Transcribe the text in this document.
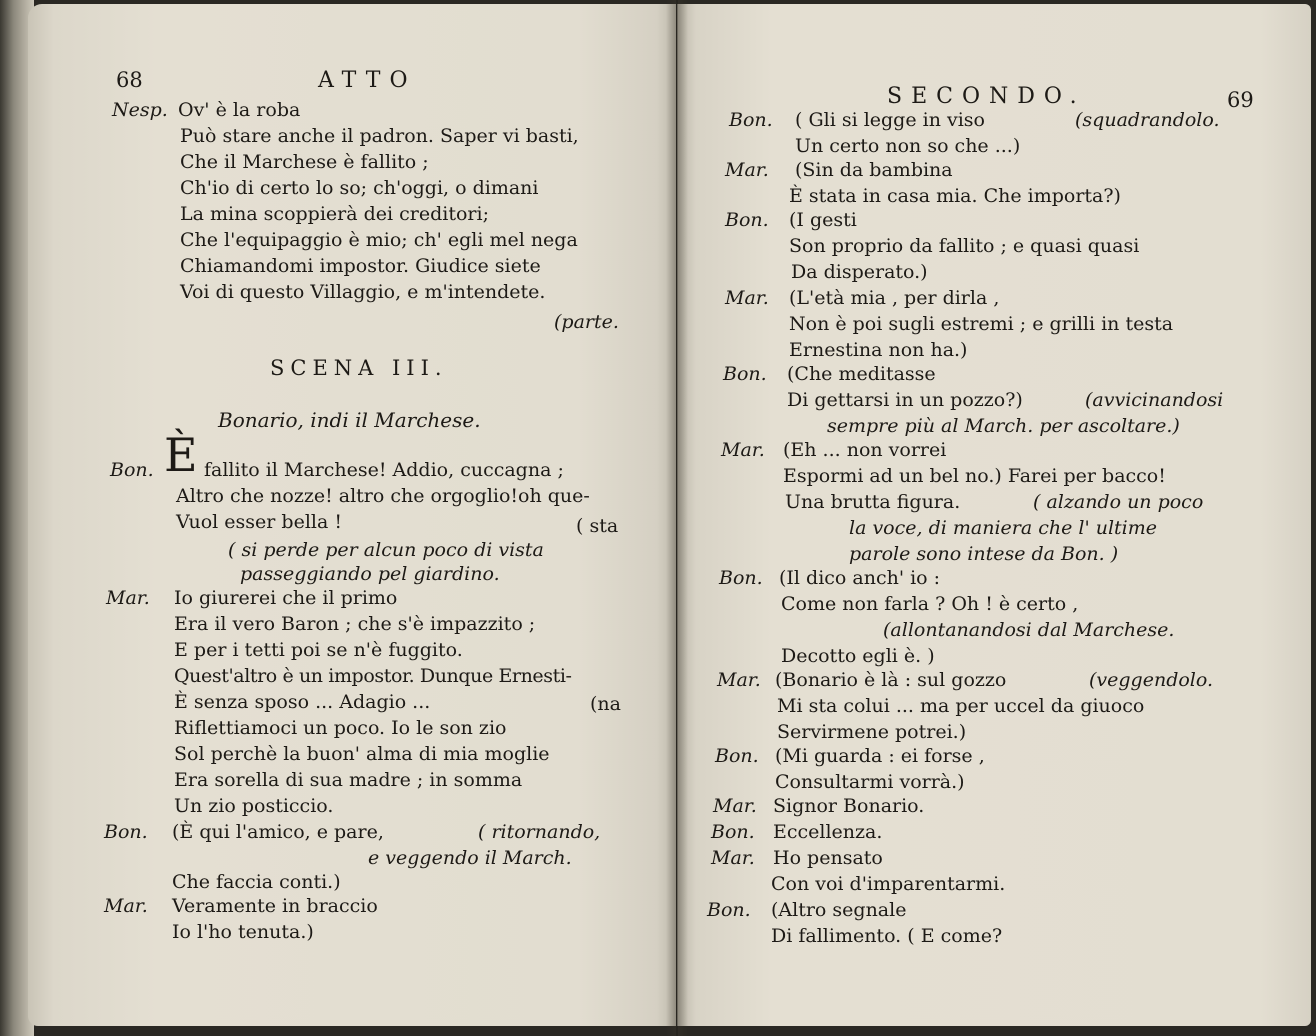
68	ATTO
Nesp. Ov' è la roba
Può stare anche il padron. Saper vi basti,
Che il Marchese è fallito ;
Ch'io di certo lo so; ch'oggi, o dimani
La mina scoppierà dei creditori;
Che l'equipaggio è mio; ch' egli mel nega
Chiamandomi impostor. Giudice siete
Voi di questo Villaggio, e m'intendete.
(parte.
SCENA III.
Bonario, indi il Marchese.
Bon. È fallito il Marchese! Addio, cuccagna ;
Altro che nozze! altro che orgoglio!oh que-
Vuol esser bella !	( sta
( si perde per alcun poco di vista
passeggiando pel giardino.
Mar. Io giurerei che il primo
Era il vero Baron ; che s'è impazzito ;
E per i tetti poi se n'è fuggito.
Quest'altro è un impostor. Dunque Ernesti-
È senza sposo ... Adagio ...	(na
Riflettiamoci un poco. Io le son zio
Sol perchè la buon' alma di mia moglie
Era sorella di sua madre ; in somma
Un zio posticcio.
Bon. (È qui l'amico, e pare,	( ritornando,
e veggendo il March.
Che faccia conti.)
Mar. Veramente in braccio
Io l'ho tenuta.)
SECONDO.	69
Bon. ( Gli si legge in viso	(squadrandolo.
Un certo non so che ...)
Mar. (Sin da bambina
È stata in casa mia. Che importa?)
Bon. (I gesti
Son proprio da fallito ; e quasi quasi
Da disperato.)
Mar. (L'età mia , per dirla ,
Non è poi sugli estremi ; e grilli in testa
Ernestina non ha.)
Bon. (Che meditasse
Di gettarsi in un pozzo?)	(avvicinandosi
sempre più al March. per ascoltare.)
Mar. (Eh ... non vorrei
Espormi ad un bel no.) Farei per bacco!
Una brutta figura.	( alzando un poco
la voce, di maniera che l' ultime
parole sono intese da Bon. )
Bon. (Il dico anch' io :
Come non farla ? Oh ! è certo ,
(allontanandosi dal Marchese.
Decotto egli è. )
Mar. (Bonario è là : sul gozzo	(veggendolo.
Mi sta colui ... ma per uccel da giuoco
Servirmene potrei.)
Bon. (Mi guarda : ei forse ,
Consultarmi vorrà.)
Mar. Signor Bonario.
Bon. Eccellenza.
Mar. Ho pensato
Con voi d'imparentarmi.
Bon. (Altro segnale
Di fallimento. ( E come?
